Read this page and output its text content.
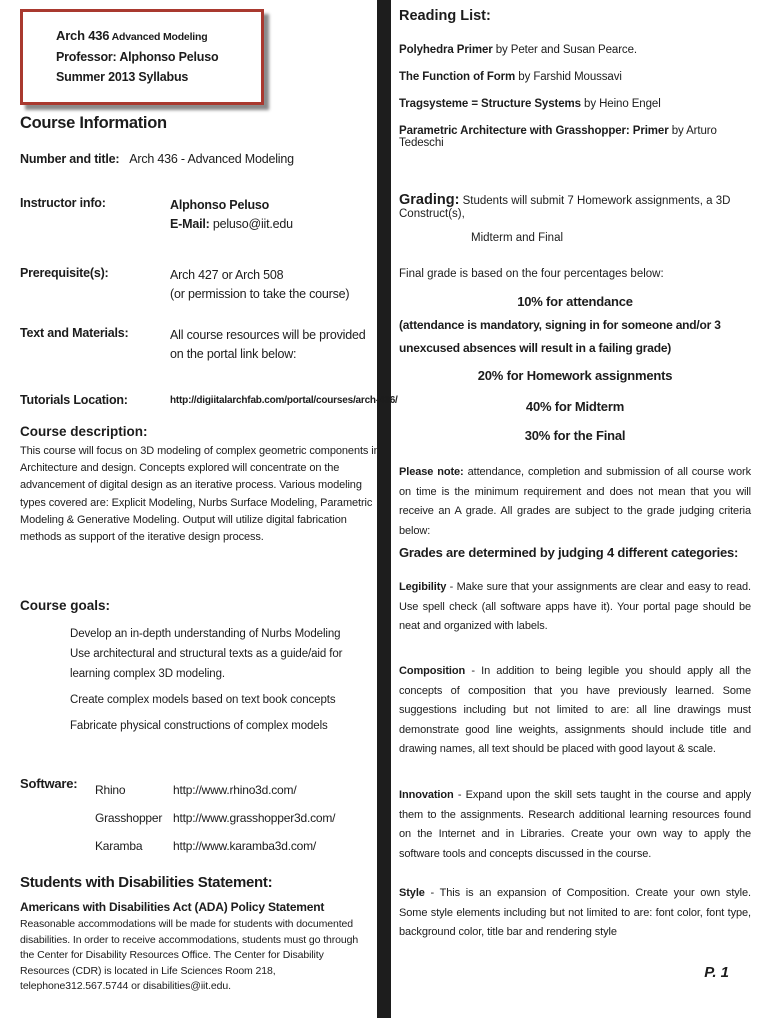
Arch 436 Advanced Modeling
Professor: Alphonso Peluso
Summer 2013 Syllabus
Course Information
Number and title: Arch 436 - Advanced Modeling
Instructor info:	Alphonso Peluso
E-Mail: peluso@iit.edu
Prerequisite(s):	Arch 427 or Arch 508
(or permission to take the course)
Text and Materials:	All course resources will be provided
on the portal link below:
Tutorials Location:	http://digiitalarchfab.com/portal/courses/arch-436/
Course description:
This course will focus on 3D modeling of complex geometric components in Architecture and design. Concepts explored will concentrate on the advancement of digital design as an iterative process. Various modeling types covered are: Explicit Modeling, Nurbs Surface Modeling, Parametric Modeling & Generative Modeling. Output will utilize digital fabrication methods as support of the iterative design process.
Course goals:
Develop an in-depth understanding of Nurbs Modeling
Use architectural and structural texts as a guide/aid for learning complex 3D modeling.
Create complex models based on text book concepts
Fabricate physical constructions of complex models
Software: Rhino	http://www.rhino3d.com/
Grasshopper http://www.grasshopper3d.com/
Karamba	http://www.karamba3d.com/
Students with Disabilities Statement:
Americans with Disabilities Act (ADA) Policy Statement
Reasonable accommodations will be made for students with documented disabilities. In order to receive accommodations, students must go through the Center for Disability Resources Office. The Center for Disability Resources (CDR) is located in Life Sciences Room 218, telephone312.567.5744 or disabilities@iit.edu.
Reading List:
Polyhedra Primer by Peter and Susan Pearce.
The Function of Form by Farshid Moussavi
Tragsysteme = Structure Systems by Heino Engel
Parametric Architecture with Grasshopper: Primer by Arturo Tedeschi
Grading: Students will submit 7 Homework assignments, a 3D Construct(s),
Midterm and Final
Final grade is based on the four percentages below:
10% for attendance
(attendance is mandatory, signing in for someone and/or 3 unexcused absences will result in a failing grade)
20% for Homework assignments
40% for Midterm
30% for the Final
Please note: attendance, completion and submission of all course work on time is the minimum requirement and does not mean that you will receive an A grade. All grades are subject to the grade judging criteria below:
Grades are determined by judging 4 different categories:
Legibility - Make sure that your assignments are clear and easy to read. Use spell check (all software apps have it). Your portal page should be neat and organized with labels.
Composition - In addition to being legible you should apply all the concepts of composition that you have previously learned. Some suggestions including but not limited to are: all line drawings must demonstrate good line weights, assignments should include title and drawing names, all text should be placed with good layout & scale.
Innovation - Expand upon the skill sets taught in the course and apply them to the assignments. Research additional learning resources found on the Internet and in Libraries. Create your own way to apply the software tools and concepts discussed in the course.
Style - This is an expansion of Composition. Create your own style. Some style elements including but not limited to are: font color, font type, background color, title bar and rendering style
P. 1
